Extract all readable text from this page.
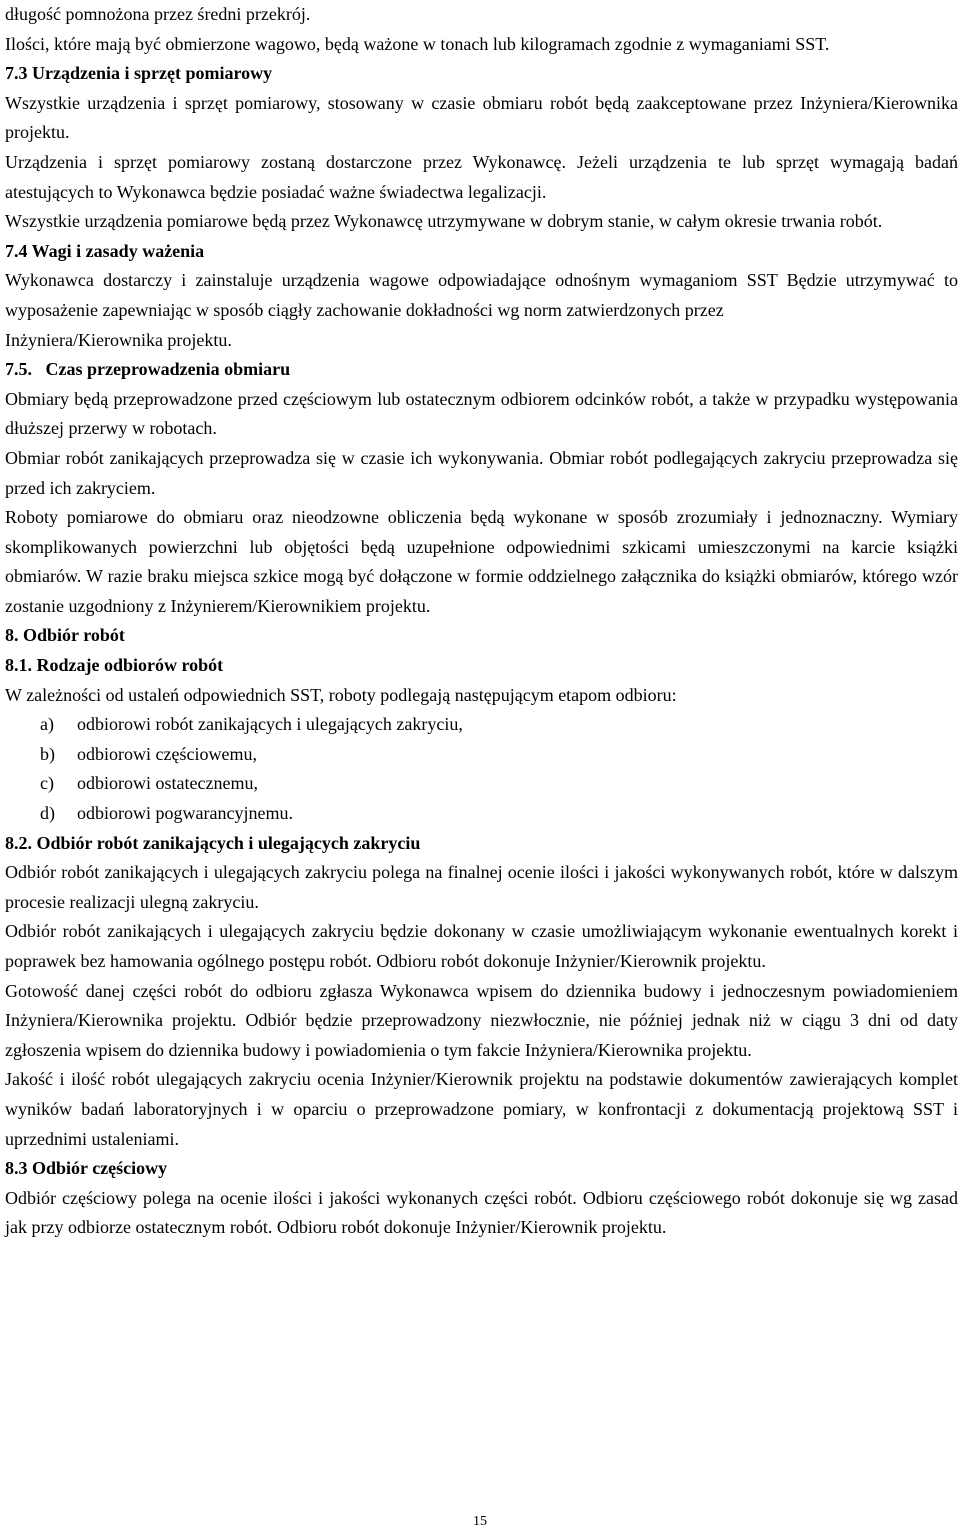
długość pomnożona przez średni przekrój.

Ilości, które mają być obmierzone wagowo, będą ważone w tonach lub kilogramach zgodnie z wymaganiami SST.

7.3 Urządzenia i sprzęt pomiarowy

Wszystkie urządzenia i sprzęt pomiarowy, stosowany w czasie obmiaru robót będą zaakceptowane przez Inżyniera/Kierownika projektu.

Urządzenia i sprzęt pomiarowy zostaną dostarczone przez Wykonawcę. Jeżeli urządzenia te lub sprzęt wymagają badań atestujących to Wykonawca będzie posiadać ważne świadectwa legalizacji.

Wszystkie urządzenia pomiarowe będą przez Wykonawcę utrzymywane w dobrym stanie, w całym okresie trwania robót.

7.4 Wagi i zasady ważenia

Wykonawca dostarczy i zainstaluje urządzenia wagowe odpowiadające odnośnym wymaganiom SST Będzie utrzymywać to wyposażenie zapewniając w sposób ciągły zachowanie dokładności wg norm zatwierdzonych przez

Inżyniera/Kierownika projektu.

7.5. Czas przeprowadzenia obmiaru

Obmiary będą przeprowadzone przed częściowym lub ostatecznym odbiorem odcinków robót, a także w przypadku występowania dłuższej przerwy w robotach.

Obmiar robót zanikających przeprowadza się w czasie ich wykonywania. Obmiar robót podlegających zakryciu przeprowadza się przed ich zakryciem.

Roboty pomiarowe do obmiaru oraz nieodzowne obliczenia będą wykonane w sposób zrozumiały i jednoznaczny. Wymiary skomplikowanych powierzchni lub objętości będą uzupełnione odpowiednimi szkicami umieszczonymi na karcie książki obmiarów. W razie braku miejsca szkice mogą być dołączone w formie oddzielnego załącznika do książki obmiarów, którego wzór zostanie uzgodniony z Inżynierem/Kierownikiem projektu.

8. Odbiór robót

8.1. Rodzaje odbiorów robót

W zależności od ustaleń odpowiednich SST, roboty podlegają następującym etapom odbioru:

a) odbiorowi robót zanikających i ulegających zakryciu,
b) odbiorowi częściowemu,
c) odbiorowi ostatecznemu,
d) odbiorowi pogwarancyjnemu.

8.2. Odbiór robót zanikających i ulegających zakryciu

Odbiór robót zanikających i ulegających zakryciu polega na finalnej ocenie ilości i jakości wykonywanych robót, które w dalszym procesie realizacji ulegną zakryciu.

Odbiór robót zanikających i ulegających zakryciu będzie dokonany w czasie umożliwiającym wykonanie ewentualnych korekt i poprawek bez hamowania ogólnego postępu robót. Odbioru robót dokonuje Inżynier/Kierownik projektu.

Gotowość danej części robót do odbioru zgłasza Wykonawca wpisem do dziennika budowy i jednoczesnym powiadomieniem Inżyniera/Kierownika projektu. Odbiór będzie przeprowadzony niezwłocznie, nie później jednak niż w ciągu 3 dni od daty zgłoszenia wpisem do dziennika budowy i powiadomienia o tym fakcie Inżyniera/Kierownika projektu.

Jakość i ilość robót ulegających zakryciu ocenia Inżynier/Kierownik projektu na podstawie dokumentów zawierających komplet wyników badań laboratoryjnych i w oparciu o przeprowadzone pomiary, w konfrontacji z dokumentacją projektową SST i uprzednimi ustaleniami.

8.3 Odbiór częściowy

Odbiór częściowy polega na ocenie ilości i jakości wykonanych części robót. Odbioru częściowego robót dokonuje się wg zasad jak przy odbiorze ostatecznym robót. Odbioru robót dokonuje Inżynier/Kierownik projektu.

15
